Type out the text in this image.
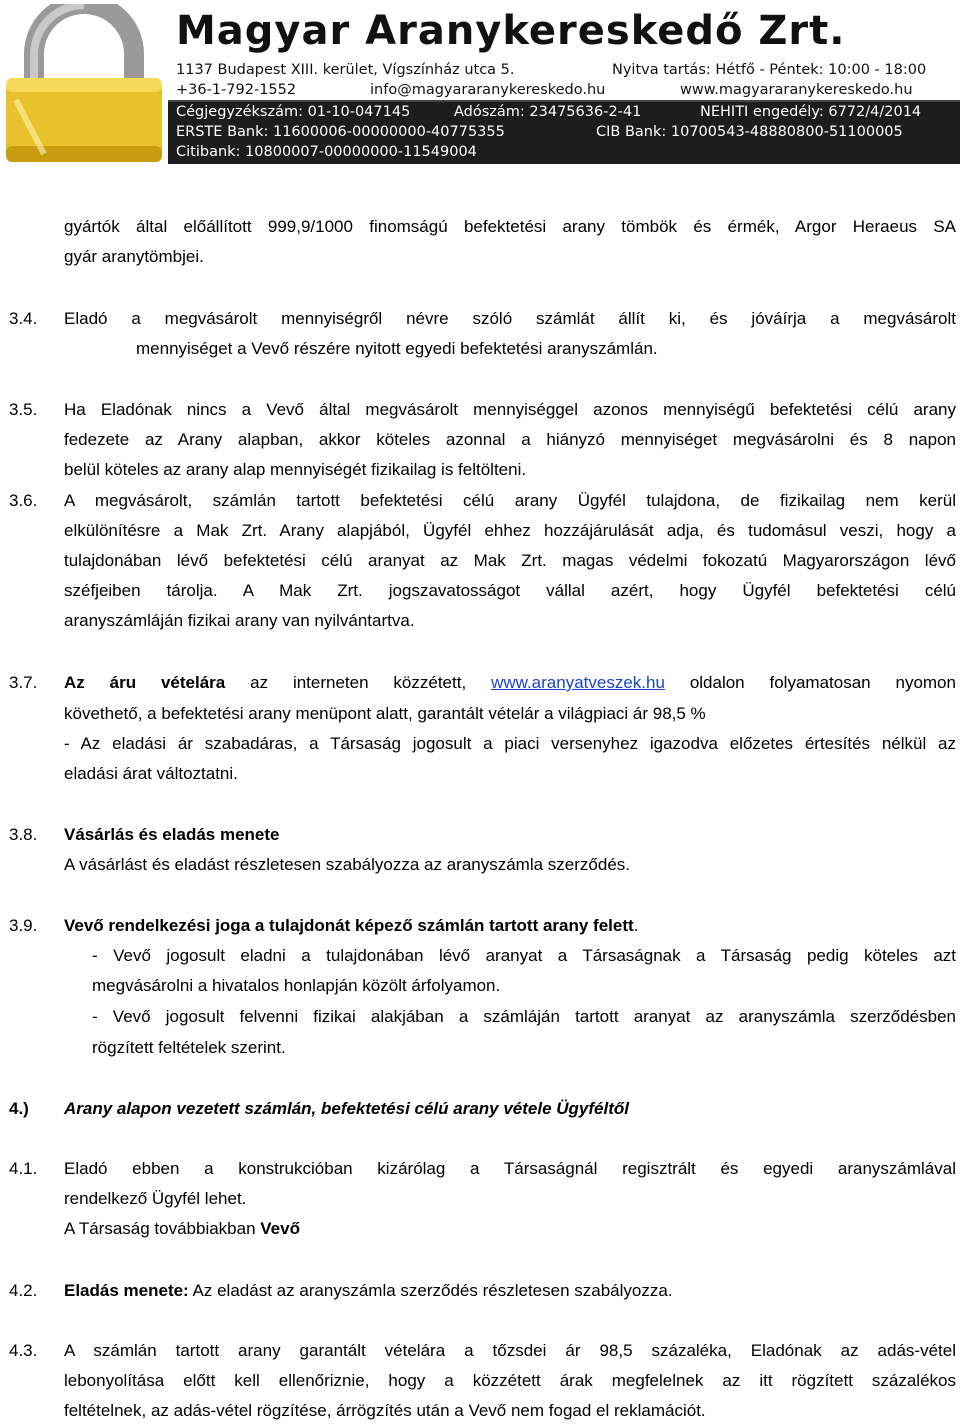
Magyar Aranykereskedő Zrt.
1137 Budapest XIII. kerület, Vígszínház utca 5.	Nyitva tartás: Hétfő - Péntek: 10:00 - 18:00
+36-1-792-1552	info@magyararanykereskedo.hu	www.magyararanykereskedo.hu
Cégjegyzékszám: 01-10-047145	Adószám: 23475636-2-41	NEHITI engedély: 6772/4/2014
ERSTE Bank: 11600006-00000000-40775355	CIB Bank: 10700543-48880800-51100005
Citibank: 10800007-00000000-11549004
gyártók által előállított 999,9/1000 finomságú befektetési arany tömbök és érmék, Argor Heraeus SA
gyár aranytömbjei.
3.4. Eladó a megvásárolt mennyiségről névre szóló számlát állít ki, és jóváírja a megvásárolt
mennyiséget a Vevő részére nyitott egyedi befektetési aranyszámlán.
3.5. Ha Eladónak nincs a Vevő által megvásárolt mennyiséggel azonos mennyiségű befektetési célú arany
fedezete az Arany alapban, akkor köteles azonnal a hiányzó mennyiséget megvásárolni és 8 napon
belül köteles az arany alap mennyiségét fizikailag is feltölteni.
3.6. A megvásárolt, számlán tartott befektetési célú arany Ügyfél tulajdona, de fizikailag nem kerül
elkülönítésre a Mak Zrt. Arany alapjából, Ügyfél ehhez hozzájárulását adja, és tudomásul veszi, hogy a
tulajdonában lévő befektetési célú aranyat az Mak Zrt. magas védelmi fokozatú Magyarországon lévő
széfjeiben tárolja. A Mak Zrt. jogszavatosságot vállal azért, hogy Ügyfél befektetési célú
aranyszámláján fizikai arany van nyilvántartva.
3.7. Az áru vételára az interneten közzétett, www.aranyatveszek.hu oldalon folyamatosan nyomon
követhető, a befektetési arany menüpont alatt, garantált vételár a világpiaci ár 98,5 %
- Az eladási ár szabadáras, a Társaság jogosult a piaci versenyhez igazodva előzetes értesítés nélkül az
eladási árat változtatni.
3.8. Vásárlás és eladás menete
A vásárlást és eladást részletesen szabályozza az aranyszámla szerződés.
3.9. Vevő rendelkezési joga a tulajdonát képező számlán tartott arany felett.
- Vevő jogosult eladni a tulajdonában lévő aranyat a Társaságnak a Társaság pedig köteles azt
megvásárolni a hivatalos honlapján közölt árfolyamon.
- Vevő jogosult felvenni fizikai alakjában a számláján tartott aranyat az aranyszámla szerződésben
rögzített feltételek szerint.
4.) Arany alapon vezetett számlán, befektetési célú arany vétele Ügyféltől
4.1. Eladó ebben a konstrukcióban kizárólag a Társaságnál regisztrált és egyedi aranyszámlával
rendelkező Ügyfél lehet.
A Társaság továbbiakban Vevő
4.2. Eladás menete: Az eladást az aranyszámla szerződés részletesen szabályozza.
4.3. A számlán tartott arany garantált vételára a tőzsdei ár 98,5 százaléka, Eladónak az adás-vétel
lebonyolítása előtt kell ellenőriznie, hogy a közzétett árak megfelelnek az itt rögzített százalékos
feltételnek, az adás-vétel rögzítése, árrögzítés után a Vevő nem fogad el reklamációt.
